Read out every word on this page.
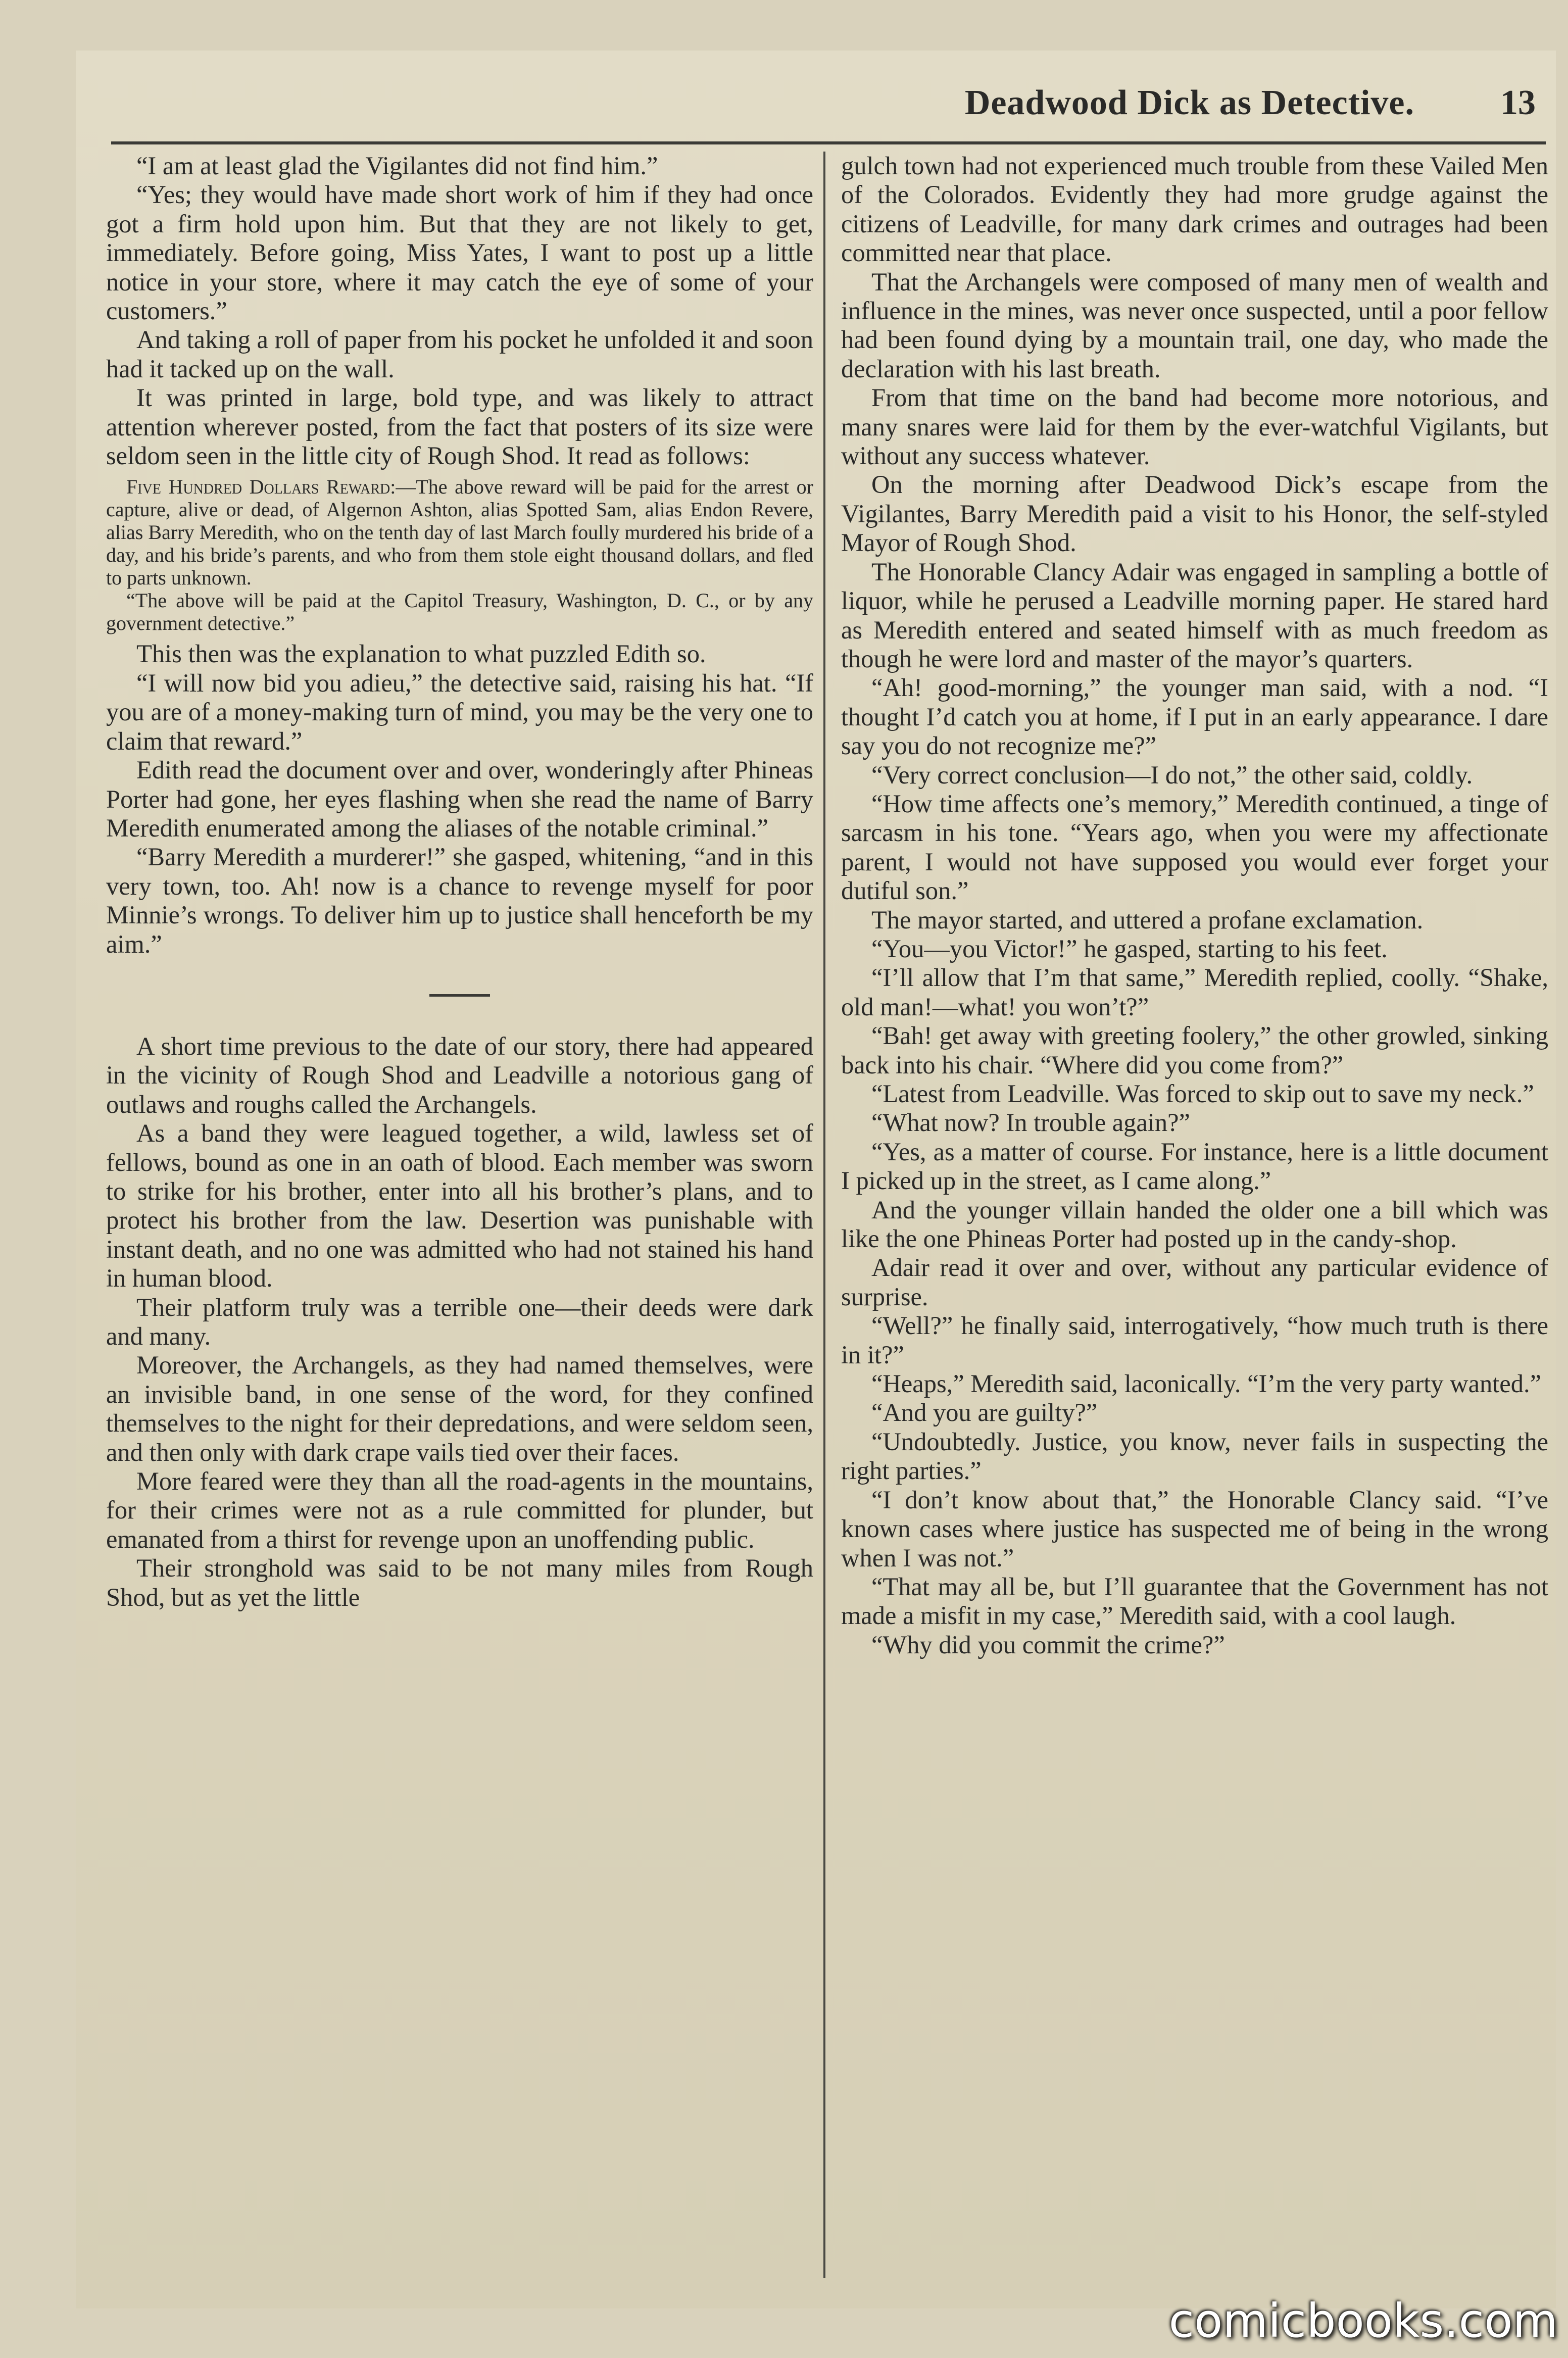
Deadwood Dick as Detective. 13

“I am at least glad the Vigilantes did not find him.”

“Yes; they would have made short work of him if they had once got a firm hold upon him. But that they are not likely to get, immediately. Before going, Miss Yates, I want to post up a little notice in your store, where it may catch the eye of some of your customers.”

And taking a roll of paper from his pocket he unfolded it and soon had it tacked up on the wall.

It was printed in large, bold type, and was likely to attract attention wherever posted, from the fact that posters of its size were seldom seen in the little city of Rough Shod. It read as follows:

Five Hundred Dollars Reward:—The above reward will be paid for the arrest or capture, alive or dead, of Algernon Ashton, alias Spotted Sam, alias Endon Revere, alias Barry Meredith, who on the tenth day of last March foully murdered his bride of a day, and his bride’s parents, and who from them stole eight thousand dollars, and fled to parts unknown.

“The above will be paid at the Capitol Treasury, Washington, D. C., or by any government detective.”

This then was the explanation to what puzzled Edith so.

“I will now bid you adieu,” the detective said, raising his hat. “If you are of a money-making turn of mind, you may be the very one to claim that reward.”

Edith read the document over and over, wonderingly after Phineas Porter had gone, her eyes flashing when she read the name of Barry Meredith enumerated among the aliases of the notable criminal.”

“Barry Meredith a murderer!” she gasped, whitening, “and in this very town, too. Ah! now is a chance to revenge myself for poor Minnie’s wrongs. To deliver him up to justice shall henceforth be my aim.”

A short time previous to the date of our story, there had appeared in the vicinity of Rough Shod and Leadville a notorious gang of outlaws and roughs called the Archangels.

As a band they were leagued together, a wild, lawless set of fellows, bound as one in an oath of blood. Each member was sworn to strike for his brother, enter into all his brother’s plans, and to protect his brother from the law. Desertion was punishable with instant death, and no one was admitted who had not stained his hand in human blood.

Their platform truly was a terrible one—their deeds were dark and many.

Moreover, the Archangels, as they had named themselves, were an invisible band, in one sense of the word, for they confined themselves to the night for their depredations, and were seldom seen, and then only with dark crape vails tied over their faces.

More feared were they than all the road-agents in the mountains, for their crimes were not as a rule committed for plunder, but emanated from a thirst for revenge upon an unoffending public.

Their stronghold was said to be not many miles from Rough Shod, but as yet the little

gulch town had not experienced much trouble from these Vailed Men of the Colorados. Evidently they had more grudge against the citizens of Leadville, for many dark crimes and outrages had been committed near that place.

That the Archangels were composed of many men of wealth and influence in the mines, was never once suspected, until a poor fellow had been found dying by a mountain trail, one day, who made the declaration with his last breath.

From that time on the band had become more notorious, and many snares were laid for them by the ever-watchful Vigilants, but without any success whatever.

On the morning after Deadwood Dick’s escape from the Vigilantes, Barry Meredith paid a visit to his Honor, the self-styled Mayor of Rough Shod.

The Honorable Clancy Adair was engaged in sampling a bottle of liquor, while he perused a Leadville morning paper. He stared hard as Meredith entered and seated himself with as much freedom as though he were lord and master of the mayor’s quarters.

“Ah! good-morning,” the younger man said, with a nod. “I thought I’d catch you at home, if I put in an early appearance. I dare say you do not recognize me?”

“Very correct conclusion—I do not,” the other said, coldly.

“How time affects one’s memory,” Meredith continued, a tinge of sarcasm in his tone. “Years ago, when you were my affectionate parent, I would not have supposed you would ever forget your dutiful son.”

The mayor started, and uttered a profane exclamation.

“You—you Victor!” he gasped, starting to his feet.

“I’ll allow that I’m that same,” Meredith replied, coolly. “Shake, old man!—what! you won’t?”

“Bah! get away with greeting foolery,” the other growled, sinking back into his chair. “Where did you come from?”

“Latest from Leadville. Was forced to skip out to save my neck.”

“What now? In trouble again?”

“Yes, as a matter of course. For instance, here is a little document I picked up in the street, as I came along.”

And the younger villain handed the older one a bill which was like the one Phineas Porter had posted up in the candy-shop.

Adair read it over and over, without any particular evidence of surprise.

“Well?” he finally said, interrogatively, “how much truth is there in it?”

“Heaps,” Meredith said, laconically. “I’m the very party wanted.”

“And you are guilty?”

“Undoubtedly. Justice, you know, never fails in suspecting the right parties.”

“I don’t know about that,” the Honorable Clancy said. “I’ve known cases where justice has suspected me of being in the wrong when I was not.”

“That may all be, but I’ll guarantee that the Government has not made a misfit in my case,” Meredith said, with a cool laugh.

“Why did you commit the crime?”

comicbooks.com
